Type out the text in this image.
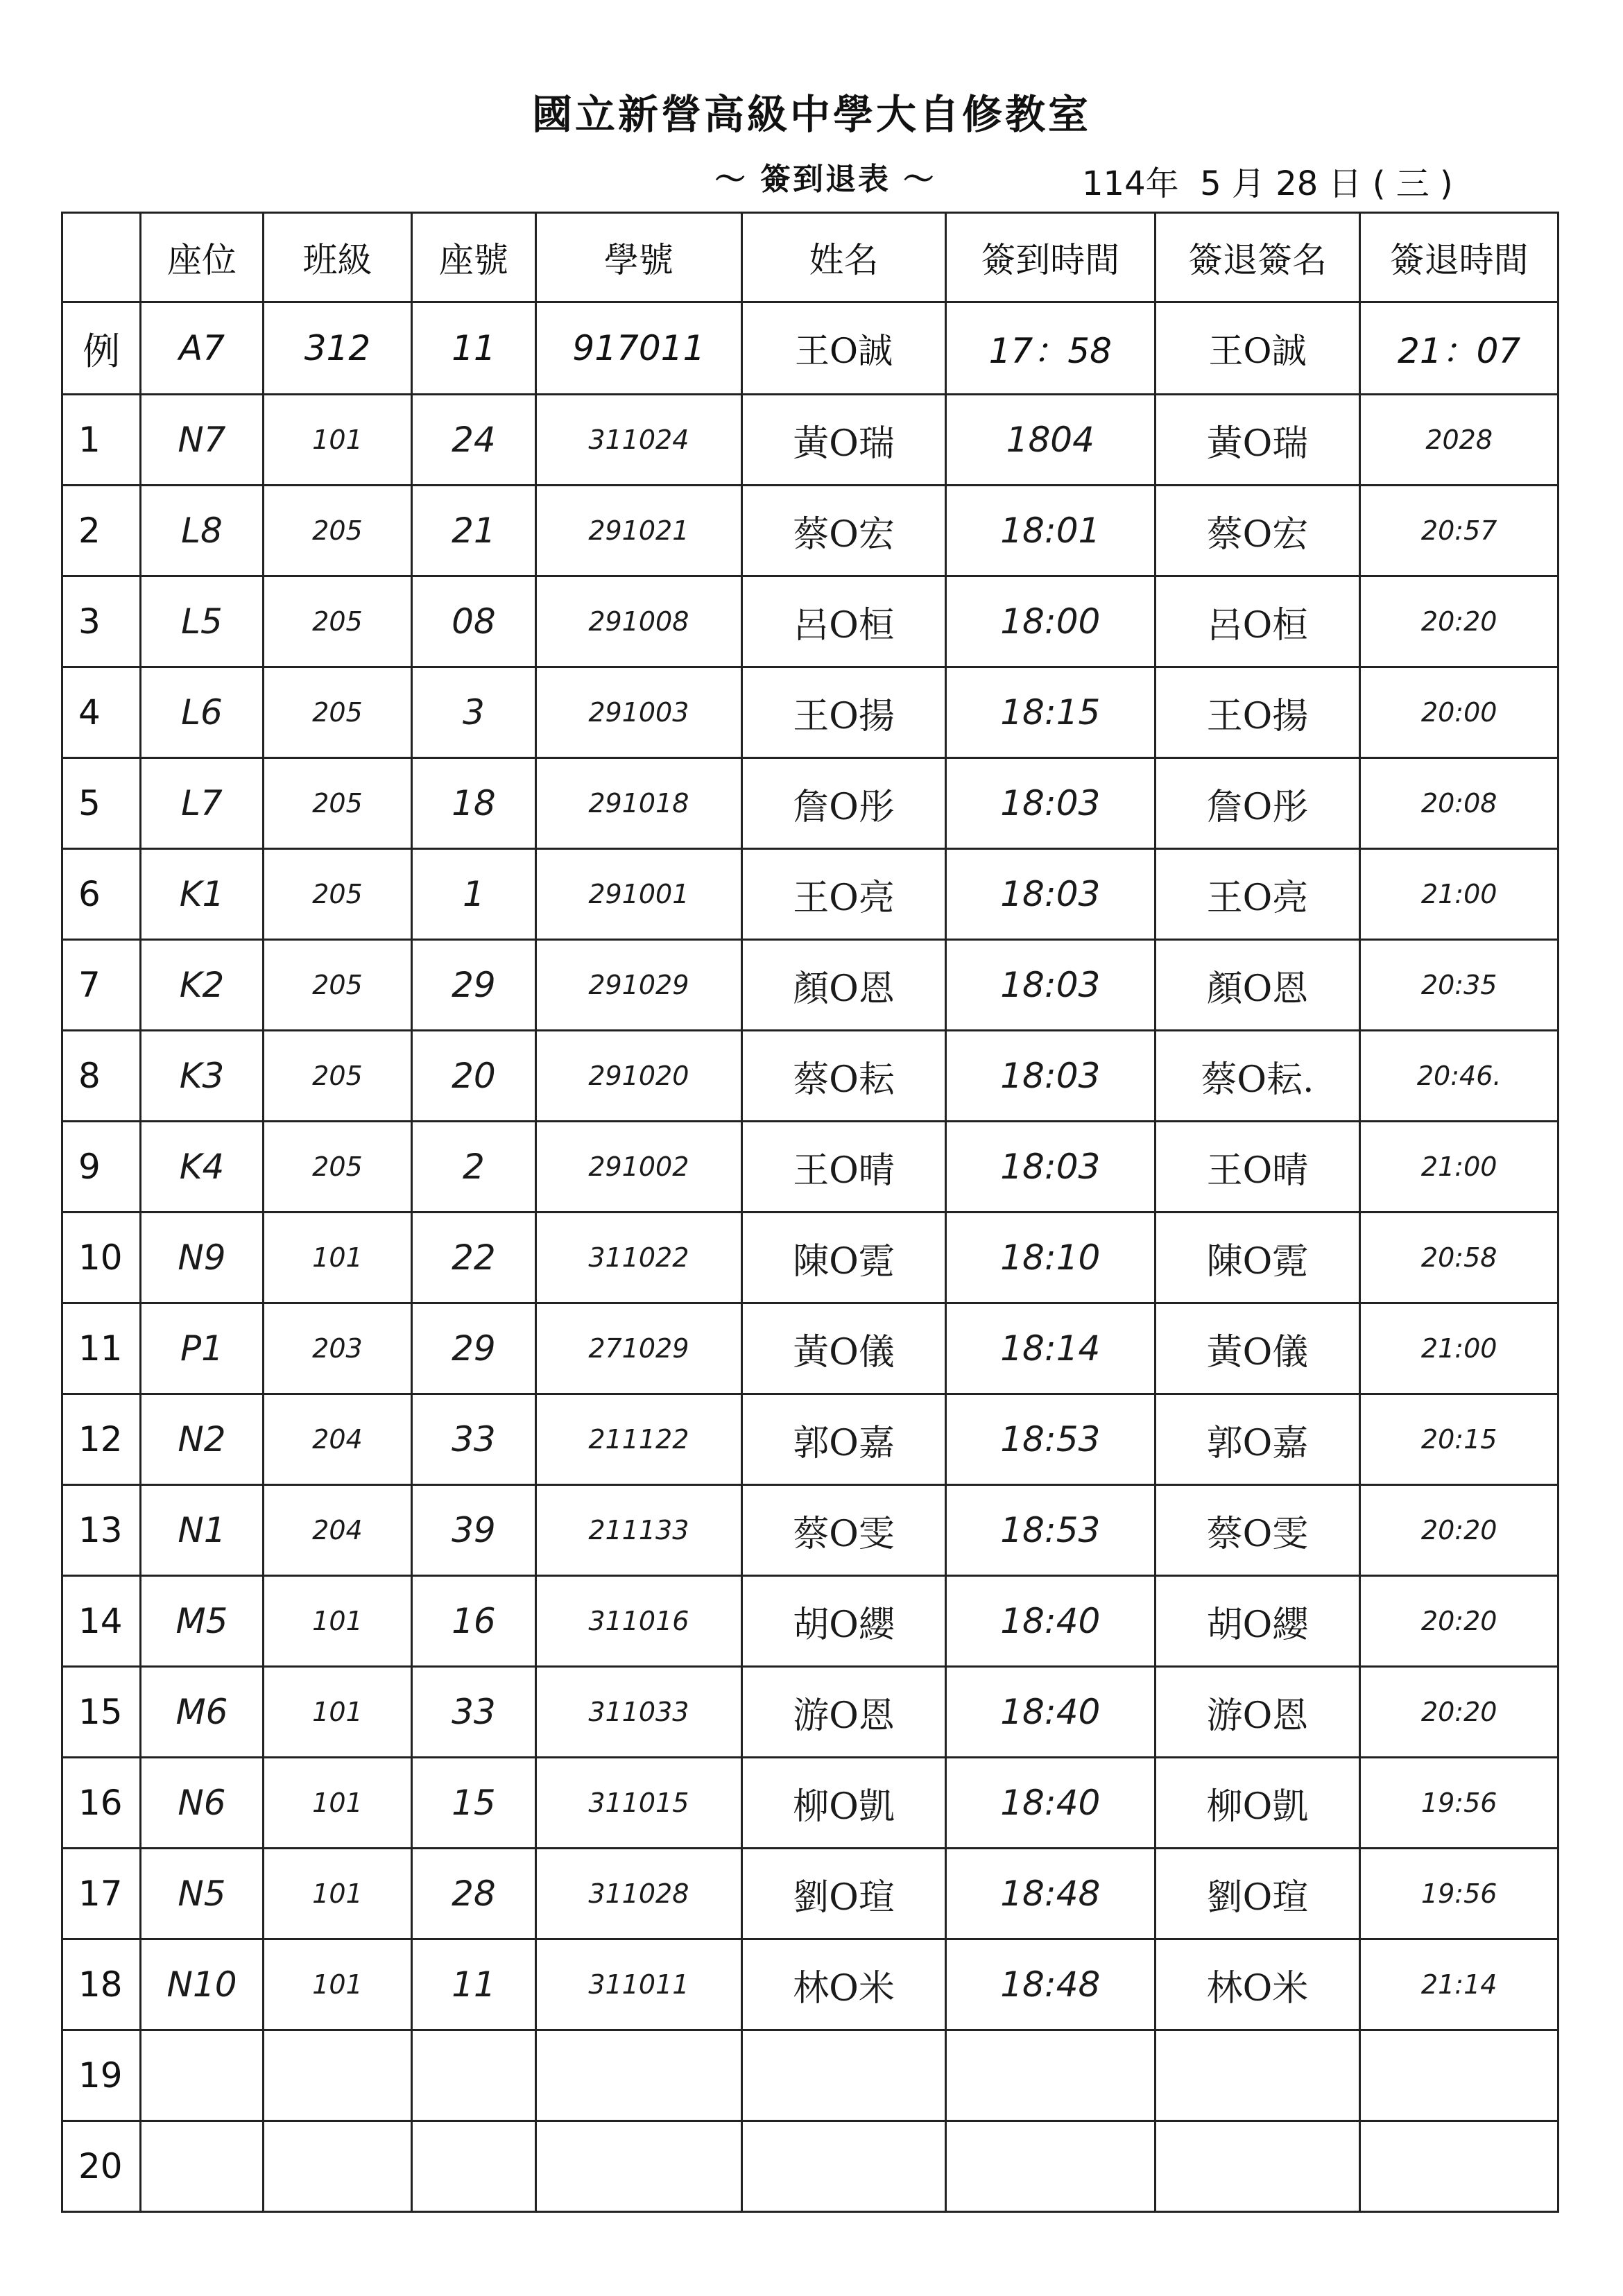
國立新營高級中學大自修教室
～ 簽到退表 ～	114年  5 月 28 日 ( 三 )
	座位	班級	座號	學號	姓名	簽到時間	簽退簽名	簽退時間
例	A7	312	11	917011	王O誠	17：58	王O誠	21：07
1	N7	101	24	311024	黃O瑞	1804	黃O瑞	2028
2	L8	205	21	291021	蔡O宏	18:01	蔡O宏	20:57
3	L5	205	08	291008	呂O桓	18:00	呂O桓	20:20
4	L6	205	3	291003	王O揚	18:15	王O揚	20:00
5	L7	205	18	291018	詹O彤	18:03	詹O彤	20:08
6	K1	205	1	291001	王O亮	18:03	王O亮	21:00
7	K2	205	29	291029	顏O恩	18:03	顏O恩	20:35
8	K3	205	20	291020	蔡O耘	18:03	蔡O耘.	20:46.
9	K4	205	2	291002	王O晴	18:03	王O晴	21:00
10	N9	101	22	311022	陳O霓	18:10	陳O霓	20:58
11	P1	203	29	271029	黃O儀	18:14	黃O儀	21:00
12	N2	204	33	211122	郭O嘉	18:53	郭O嘉	20:15
13	N1	204	39	211133	蔡O雯	18:53	蔡O雯	20:20
14	M5	101	16	311016	胡O纓	18:40	胡O纓	20:20
15	M6	101	33	311033	游O恩	18:40	游O恩	20:20
16	N6	101	15	311015	柳O凱	18:40	柳O凱	19:56
17	N5	101	28	311028	劉O瑄	18:48	劉O瑄	19:56
18	N10	101	11	311011	林O米	18:48	林O米	21:14
19								
20								
